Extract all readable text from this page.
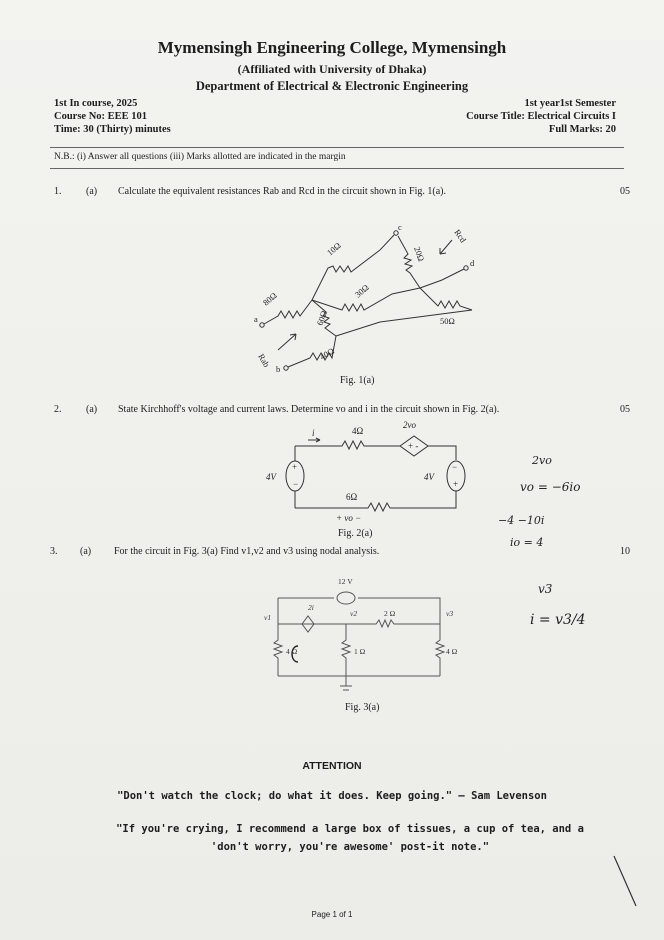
Mymensingh Engineering College, Mymensingh
(Affiliated with University of Dhaka)
Department of Electrical & Electronic Engineering
1st In course, 2025
Course No: EEE 101
Time: 30 (Thirty) minutes
1st year1st Semester
Course Title: Electrical Circuits I
Full Marks: 20
N.B.: (i) Answer all questions (iii) Marks allotted are indicated in the margin
1. (a) Calculate the equivalent resistances Rab and Rcd in the circuit shown in Fig. 1(a).	05
10Ω
80Ω
60Ω
30Ω
20Ω
50Ω
40Ω
Rab
Rcd
a
b
c
d
Fig. 1(a)
2. (a) State Kirchhoff's voltage and current laws. Determine vo and i in the circuit shown in Fig. 2(a).	05
+
−
−
+
+ -
i	4Ω
2vo
4V	4V
6Ω
+ vo −
Fig. 2(a)
3. (a) For the circuit in Fig. 3(a) Find v1,v2 and v3 using nodal analysis.	10
12 V
2 Ω
4 Ω	1 Ω	4 Ω
2i
v1	v2	v3
Fig. 3(a)
2vo
vo = −6io
−4 −10i
io = 4
v3
i = v3/4
ATTENTION
"Don't watch the clock; do what it does. Keep going." – Sam Levenson
"If you're crying, I recommend a large box of tissues, a cup of tea, and a 'don't worry, you're awesome' post-it note."
Page 1 of 1
